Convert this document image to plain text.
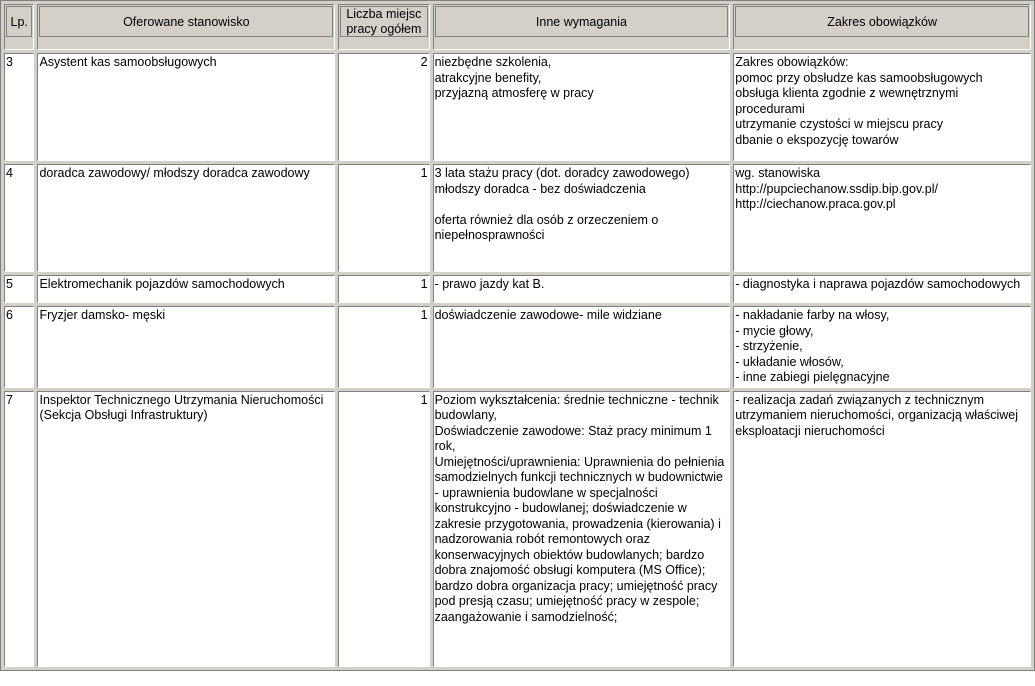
Lp.	Oferowane stanowisko	Liczba miejsc pracy ogółem	Inne wymagania	Zakres obowiązków

3	Asystent kas samoobsługowych	2	niezbędne szkolenia,
atrakcyjne benefity,
przyjazną atmosferę w pracy	Zakres obowiązków:
pomoc przy obsłudze kas samoobsługowych
obsługa klienta zgodnie z wewnętrznymi procedurami
utrzymanie czystości w miejscu pracy
dbanie o ekspozycję towarów
4	doradca zawodowy/ młodszy doradca zawodowy	1	3 lata stażu pracy (dot. doradcy zawodowego)
młodszy doradca - bez doświadczenia

oferta również dla osób z orzeczeniem o niepełnosprawności	wg. stanowiska
http://pupciechanow.ssdip.bip.gov.pl/
http://ciechanow.praca.gov.pl
5	Elektromechanik pojazdów samochodowych	1	- prawo jazdy kat B.	- diagnostyka i naprawa pojazdów samochodowych
6	Fryzjer damsko- męski	1	doświadczenie zawodowe- mile widziane	- nakładanie farby na włosy,
- mycie głowy,
- strzyżenie,
- układanie włosów,
- inne zabiegi pielęgnacyjne
7	Inspektor Technicznego Utrzymania Nieruchomości (Sekcja Obsługi Infrastruktury)	1	Poziom wykształcenia: średnie techniczne - technik budowlany,
Doświadczenie zawodowe: Staż pracy minimum 1 rok,
Umiejętności/uprawnienia: Uprawnienia do pełnienia samodzielnych funkcji technicznych w budownictwie - uprawnienia budowlane w specjalności konstrukcyjno - budowlanej; doświadczenie w zakresie przygotowania, prowadzenia (kierowania) i nadzorowania robót remontowych oraz konserwacyjnych obiektów budowlanych; bardzo dobra znajomość obsługi komputera (MS Office); bardzo dobra organizacja pracy; umiejętność pracy pod presją czasu; umiejętność pracy w zespole; zaangażowanie i samodzielność;	- realizacja zadań związanych z technicznym utrzymaniem nieruchomości, organizacją właściwej eksploatacji nieruchomości
